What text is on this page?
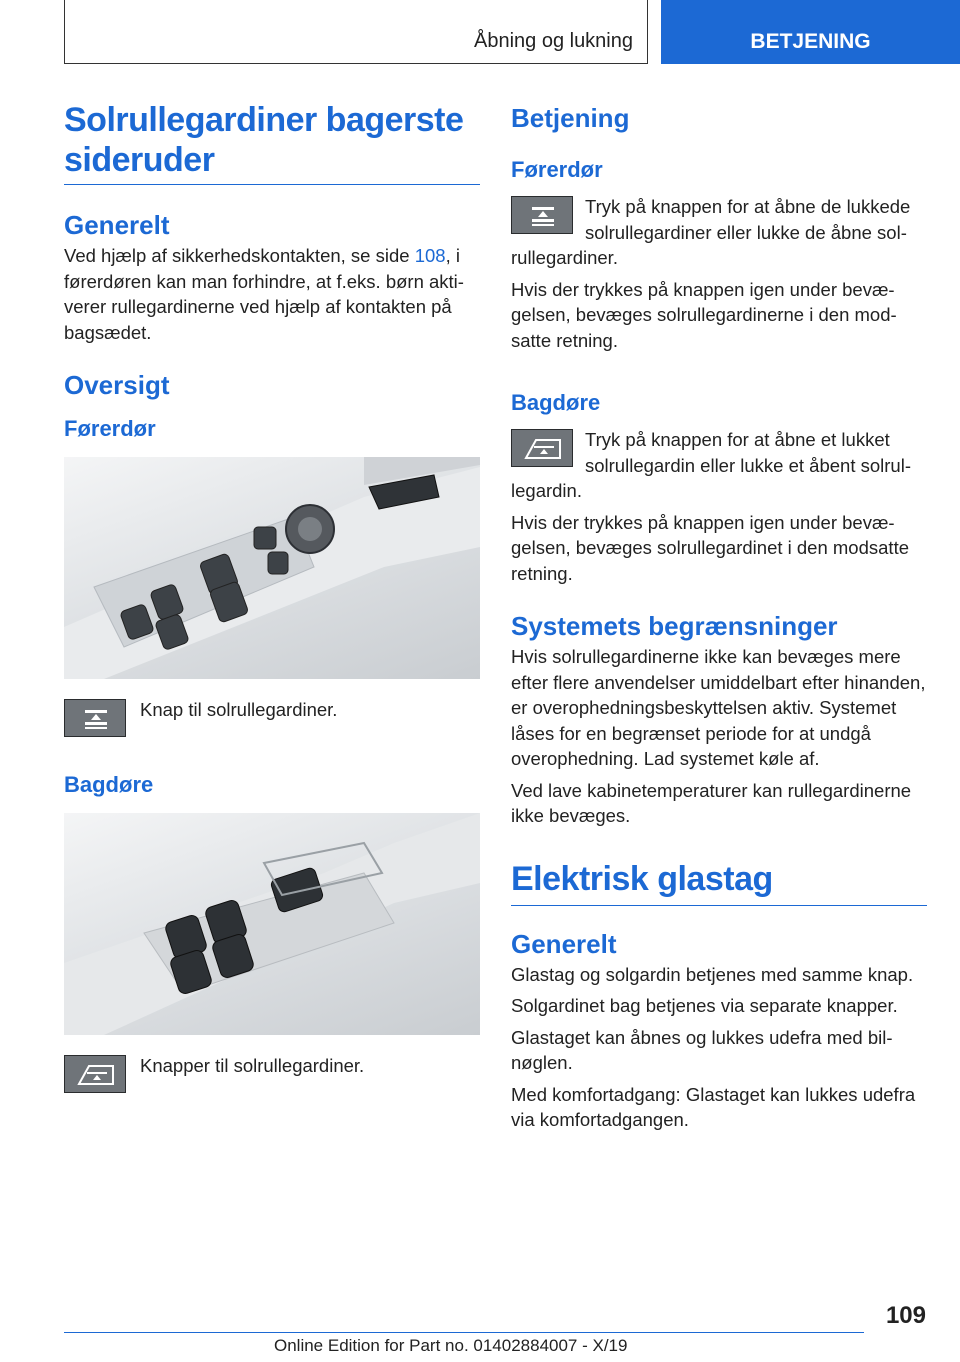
Åbning og lukning	BETJENING
Solrullegardiner bagerste sideruder
Generelt

Ved hjælp af sikkerhedskontakten, se side 108, i førerdøren kan man forhindre, at f.eks. børn aktiverer rullegardinerne ved hjælp af kontakten på bagsædet.

Oversigt
Førerdør

Knap til solrullegardiner.

Bagdøre

Knapper til solrullegardiner.

Betjening
Førerdør

Tryk på knappen for at åbne de lukkede solrullegardiner eller lukke de åbne solrullegardiner.

Hvis der trykkes på knappen igen under bevægelsen, bevæges solrullegardinerne i den modsatte retning.

Bagdøre

Tryk på knappen for at åbne et lukket solrullegardin eller lukke et åbent solrullegardin.

Hvis der trykkes på knappen igen under bevægelsen, bevæges solrullegardinet i den modsatte retning.

Systemets begrænsninger

Hvis solrullegardinerne ikke kan bevæges mere efter flere anvendelser umiddelbart efter hinanden, er overophedningsbeskyttelsen aktiv. Systemet låses for en begrænset periode for at undgå overophedning. Lad systemet køle af.

Ved lave kabinetemperaturer kan rullegardinerne ikke bevæges.

Elektrisk glastag
Generelt

Glastag og solgardin betjenes med samme knap.

Solgardinet bag betjenes via separate knapper.

Glastaget kan åbnes og lukkes udefra med bilnøglen.

Med komfortadgang: Glastaget kan lukkes udefra via komfortadgangen.

109
Online Edition for Part no. 01402884007 - X/19
